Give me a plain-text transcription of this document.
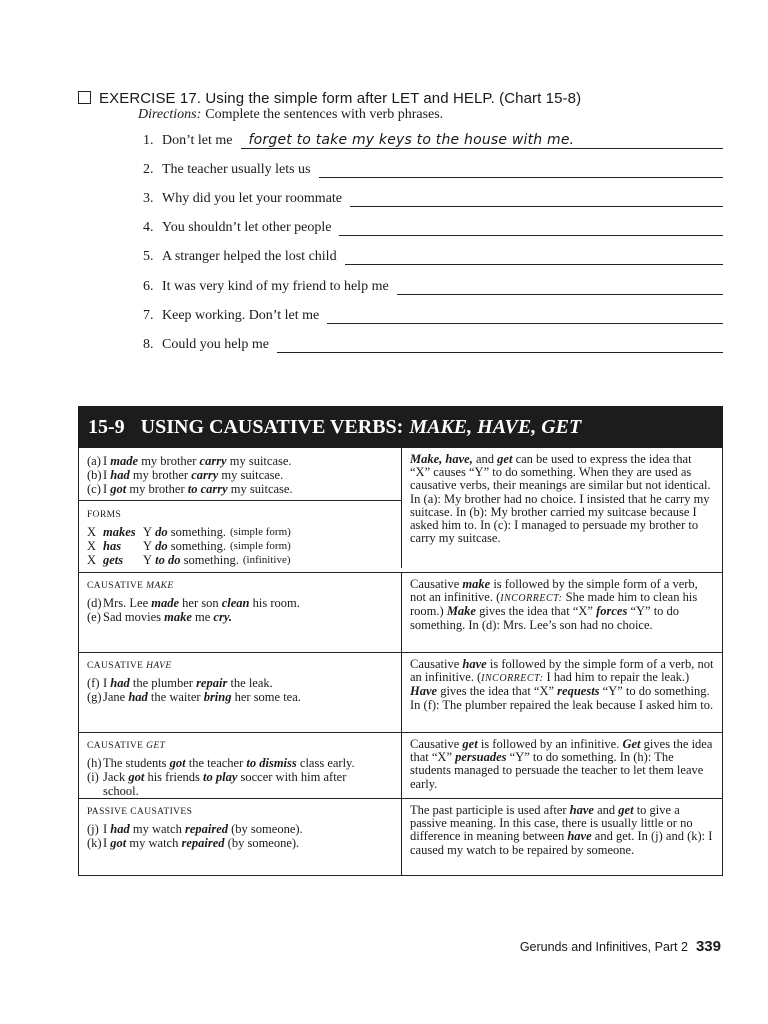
EXERCISE 17. Using the simple form after LET and HELP. (Chart 15-8)
Directions: Complete the sentences with verb phrases.
1. Don’t let me forget to take my keys to the house with me.
2. The teacher usually lets us
3. Why did you let your roommate
4. You shouldn’t let other people
5. A stranger helped the lost child
6. It was very kind of my friend to help me
7. Keep working. Don’t let me
8. Could you help me
15-9 USING CAUSATIVE VERBS: MAKE, HAVE, GET
(a) I made my brother carry my suitcase.
(b)I had my brother carry my suitcase.
(c) I got my brother to carry my suitcase.
FORMS
X makes Y do something. (simple form)
X has	Y do something. (simple form)
X gets	Y to do something. (infinitive)
Make, have, and get can be used to express the idea that “X” causes “Y” to do something. When they are used as causative verbs, their meanings are similar but not identical. In (a): My brother had no choice. I insisted that he carry my suitcase. In (b): My brother carried my suitcase because I asked him to. In (c): I managed to persuade my brother to carry my suitcase.
CAUSATIVE MAKE
(d)Mrs. Lee made her son clean his room.
(e) Sad movies make me cry.
Causative make is followed by the simple form of a verb, not an infinitive. (INCORRECT: She made him to clean his room.) Make gives the idea that “X” forces “Y” to do something. In (d): Mrs. Lee’s son had no choice.
CAUSATIVE HAVE
(f) I had the plumber repair the leak.
(g)Jane had the waiter bring her some tea.
Causative have is followed by the simple form of a verb, not an infinitive. (INCORRECT: I had him to repair the leak.) Have gives the idea that “X” requests “Y” to do something. In (f): The plumber repaired the leak because I asked him to.
CAUSATIVE GET
(h)The students got the teacher to dismiss class early.
(i) Jack got his friends to play soccer with him after
school.
Causative get is followed by an infinitive. Get gives the idea that “X” persuades “Y” to do something. In (h): The students managed to persuade the teacher to let them leave early.
PASSIVE CAUSATIVES
(j) I had my watch repaired (by someone).
(k)I got my watch repaired (by someone).
The past participle is used after have and get to give a passive meaning. In this case, there is usually little or no difference in meaning between have and get. In (j) and (k): I caused my watch to be repaired by someone.
Gerunds and Infinitives, Part 2 339
